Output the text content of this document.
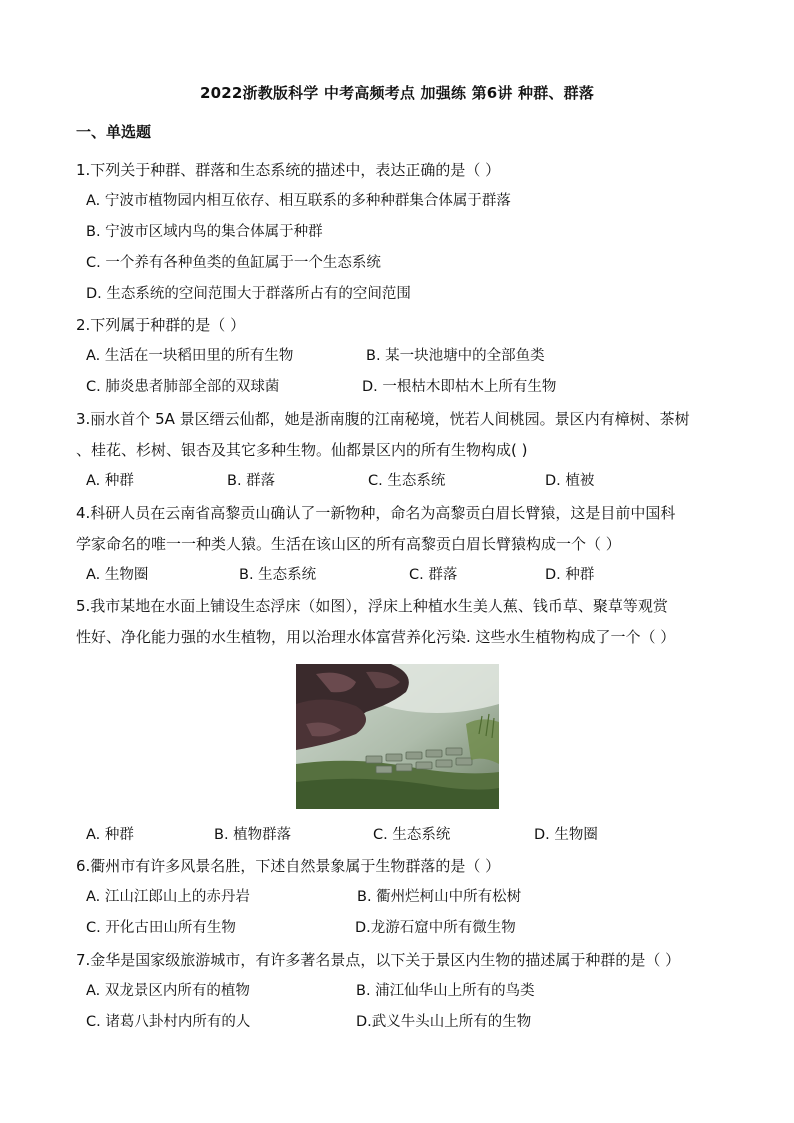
2022浙教版科学 中考高频考点 加强练 第6讲 种群、群落
一、单选题
1.下列关于种群、群落和生态系统的描述中，表达正确的是（ ）
A. 宁波市植物园内相互依存、相互联系的多种种群集合体属于群落
B. 宁波市区域内鸟的集合体属于种群
C. 一个养有各种鱼类的鱼缸属于一个生态系统
D. 生态系统的空间范围大于群落所占有的空间范围
2.下列属于种群的是（ ）
A. 生活在一块稻田里的所有生物	B. 某一块池塘中的全部鱼类
C. 肺炎患者肺部全部的双球菌	D. 一根枯木即枯木上所有生物
3.丽水首个 5A 景区缙云仙都，她是浙南腹的江南秘境，恍若人间桃园。景区内有樟树、茶树
、桂花、杉树、银杏及其它多种生物。仙都景区内的所有生物构成( )
A. 种群	B. 群落	C. 生态系统	D. 植被
4.科研人员在云南省高黎贡山确认了一新物种，命名为高黎贡白眉长臂猿，这是目前中国科
学家命名的唯一一种类人猿。生活在该山区的所有高黎贡白眉长臂猿构成一个（ ）
A. 生物圈	B. 生态系统	C. 群落	D. 种群
5.我市某地在水面上铺设生态浮床（如图），浮床上种植水生美人蕉、钱币草、聚草等观赏
性好、净化能力强的水生植物，用以治理水体富营养化污染. 这些水生植物构成了一个（ ）
A. 种群	B. 植物群落	C. 生态系统	D. 生物圈
6.衢州市有许多风景名胜，下述自然景象属于生物群落的是（ ）
A. 江山江郎山上的赤丹岩	B. 衢州烂柯山中所有松树
C. 开化古田山所有生物	D.龙游石窟中所有微生物
7.金华是国家级旅游城市，有许多著名景点，以下关于景区内生物的描述属于种群的是（ ）
A. 双龙景区内所有的植物	B. 浦江仙华山上所有的鸟类
C. 诸葛八卦村内所有的人	D.武义牛头山上所有的生物
